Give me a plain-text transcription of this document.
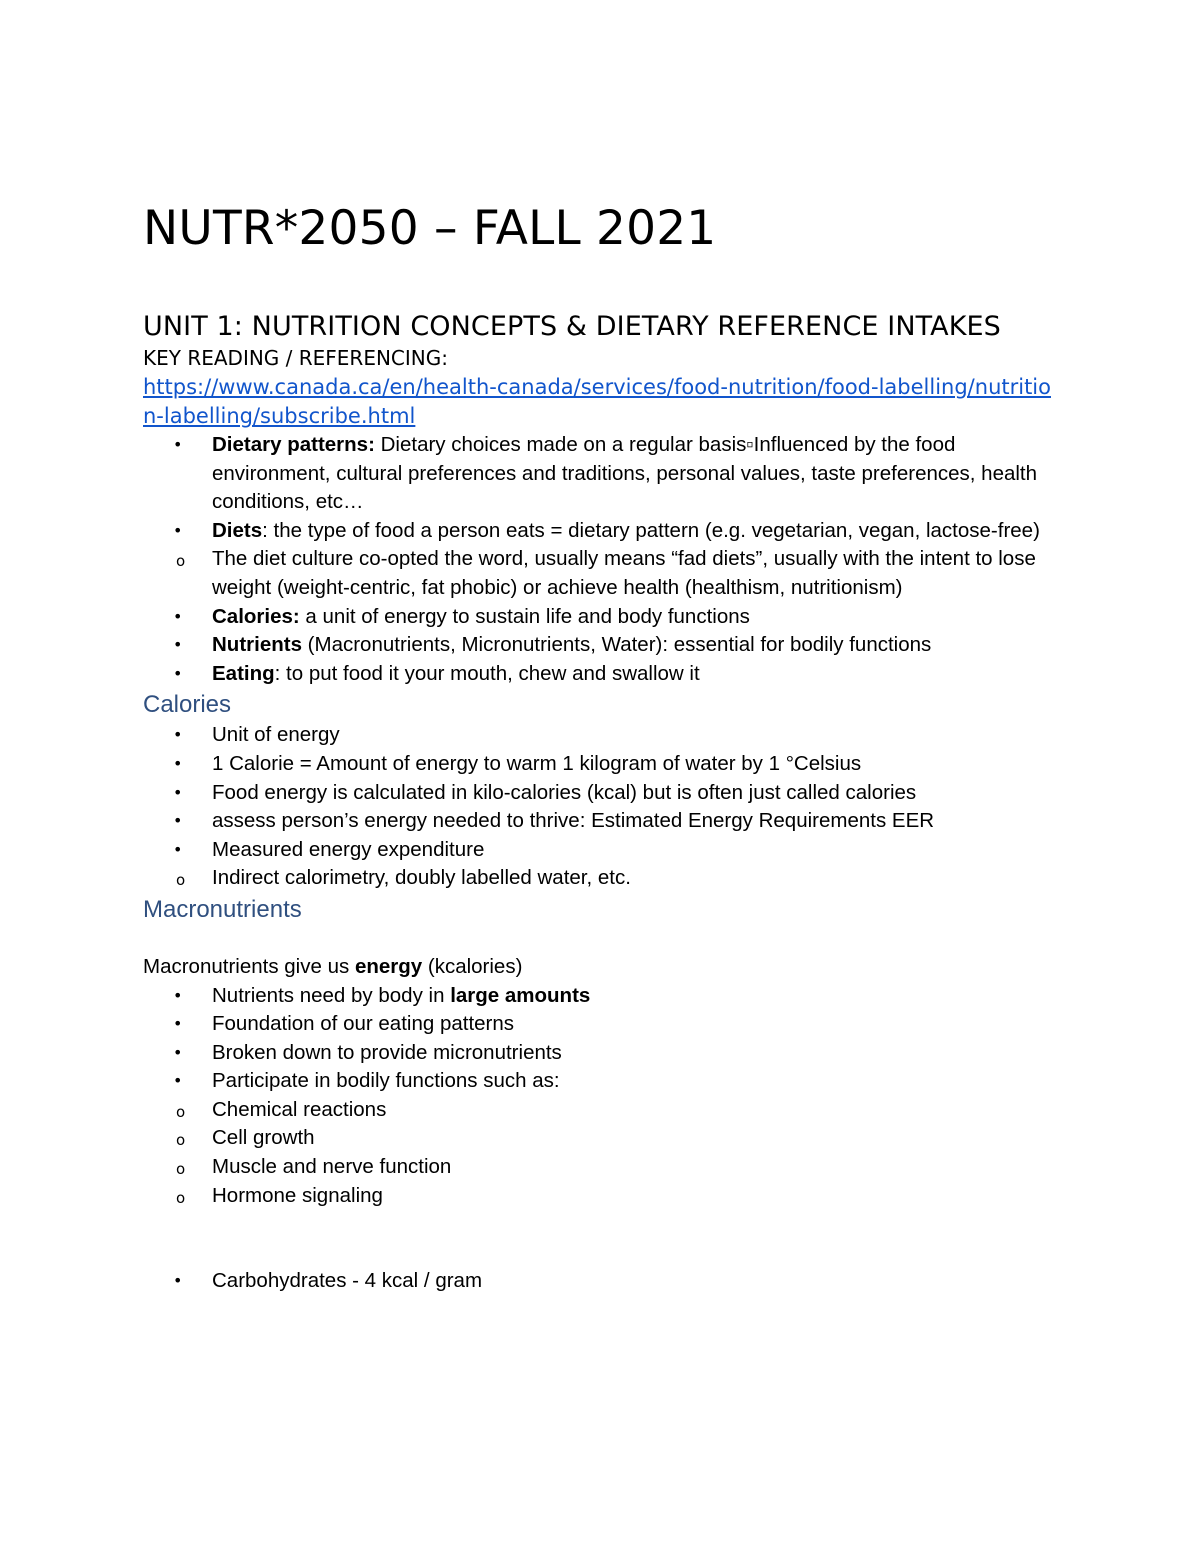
NUTR*2050 – FALL 2021
UNIT 1: NUTRITION CONCEPTS & DIETARY REFERENCE INTAKES

KEY READING / REFERENCING:

https://www.canada.ca/en/health-canada/services/food-nutrition/food-labelling/nutrition-labelling/subscribe.html
•	Dietary patterns: Dietary choices made on a regular basis▫Influenced by the food environment, cultural preferences and traditions, personal values, taste preferences, health conditions, etc…
•	Diets: the type of food a person eats = dietary pattern (e.g. vegetarian, vegan, lactose-free)
o	The diet culture co-opted the word, usually means “fad diets”, usually with the intent to lose weight (weight-centric, fat phobic) or achieve health (healthism, nutritionism)
•	Calories: a unit of energy to sustain life and body functions
•	Nutrients (Macronutrients, Micronutrients, Water): essential for bodily functions
•	Eating: to put food it your mouth, chew and swallow it
Calories
•	Unit of energy
•	1 Calorie = Amount of energy to warm 1 kilogram of water by 1 °Celsius
•	Food energy is calculated in kilo-calories (kcal) but is often just called calories
•	assess person’s energy needed to thrive: Estimated Energy Requirements EER
•	Measured energy expenditure
o	Indirect calorimetry, doubly labelled water, etc.
Macronutrients

Macronutrients give us energy (kcalories)

•	Nutrients need by body in large amounts
•	Foundation of our eating patterns
•	Broken down to provide micronutrients
•	Participate in bodily functions such as:
o	Chemical reactions
o	Cell growth
o	Muscle and nerve function
o	Hormone signaling
•	Carbohydrates - 4 kcal / gram
